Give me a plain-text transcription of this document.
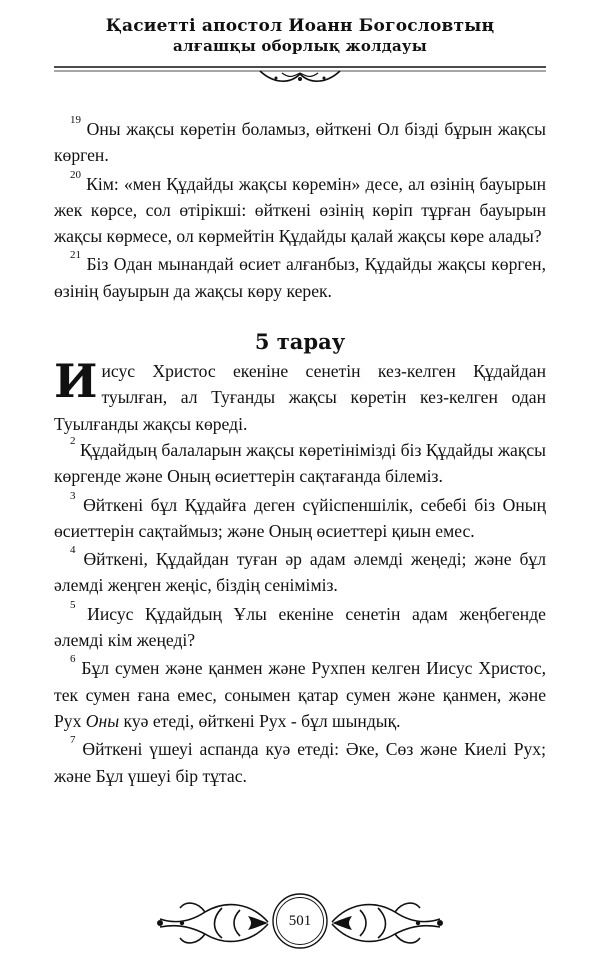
Қасиетті апостол Иоанн Богословтың
алғашқы оборлық жолдауы

$^{19}$ Оны жақсы көретін боламыз, өйткені Ол бізді бұрын жақсы көрген.

$^{20}$ Кім: «мен Құдайды жақсы көремін» десе, ал өзінің бауырын жек көрсе, сол өтірікші: өйткені өзінің көріп тұрған бауырын жақсы көрмесе, ол көрмейтін Құдайды қалай жақсы көре алады?

$^{21}$ Біз Одан мынандай өсиет алғанбыз, Құдайды жақсы көрген, өзінің бауырын да жақсы көру керек.

5 тарау

Иисус Христос екеніне сенетін кез-келген Құдайдан туылған, ал Туғанды жақсы көретін кез-келген одан Туылғанды жақсы көреді.

$^2$ Құдайдың балаларын жақсы көретінімізді біз Құдайды жақсы көргенде және Оның өсиеттерін сақтағанда білеміз.

$^3$ Өйткені бұл Құдайға деген сүйіспеншілік, себебі біз Оның өсиеттерін сақтаймыз; және Оның өсиеттері қиын емес.

$^4$ Өйткені, Құдайдан туған әр адам әлемді жеңеді; және бұл әлемді жеңген жеңіс, біздің сеніміміз.

$^5$ Иисус Құдайдың Ұлы екеніне сенетін адам жеңбегенде әлемді кім жеңеді?

$^6$ Бұл сумен және қанмен және Рухпен келген Иисус Христос, тек сумен ғана емес, сонымен қатар сумен және қанмен, және Рух Оны куә етеді, өйткені Рух - бұл шындық.

$^7$ Өйткені үшеуі аспанда куә етеді: Әке, Сөз және Киелі Рух; және Бұл үшеуі бір тұтас.

501
